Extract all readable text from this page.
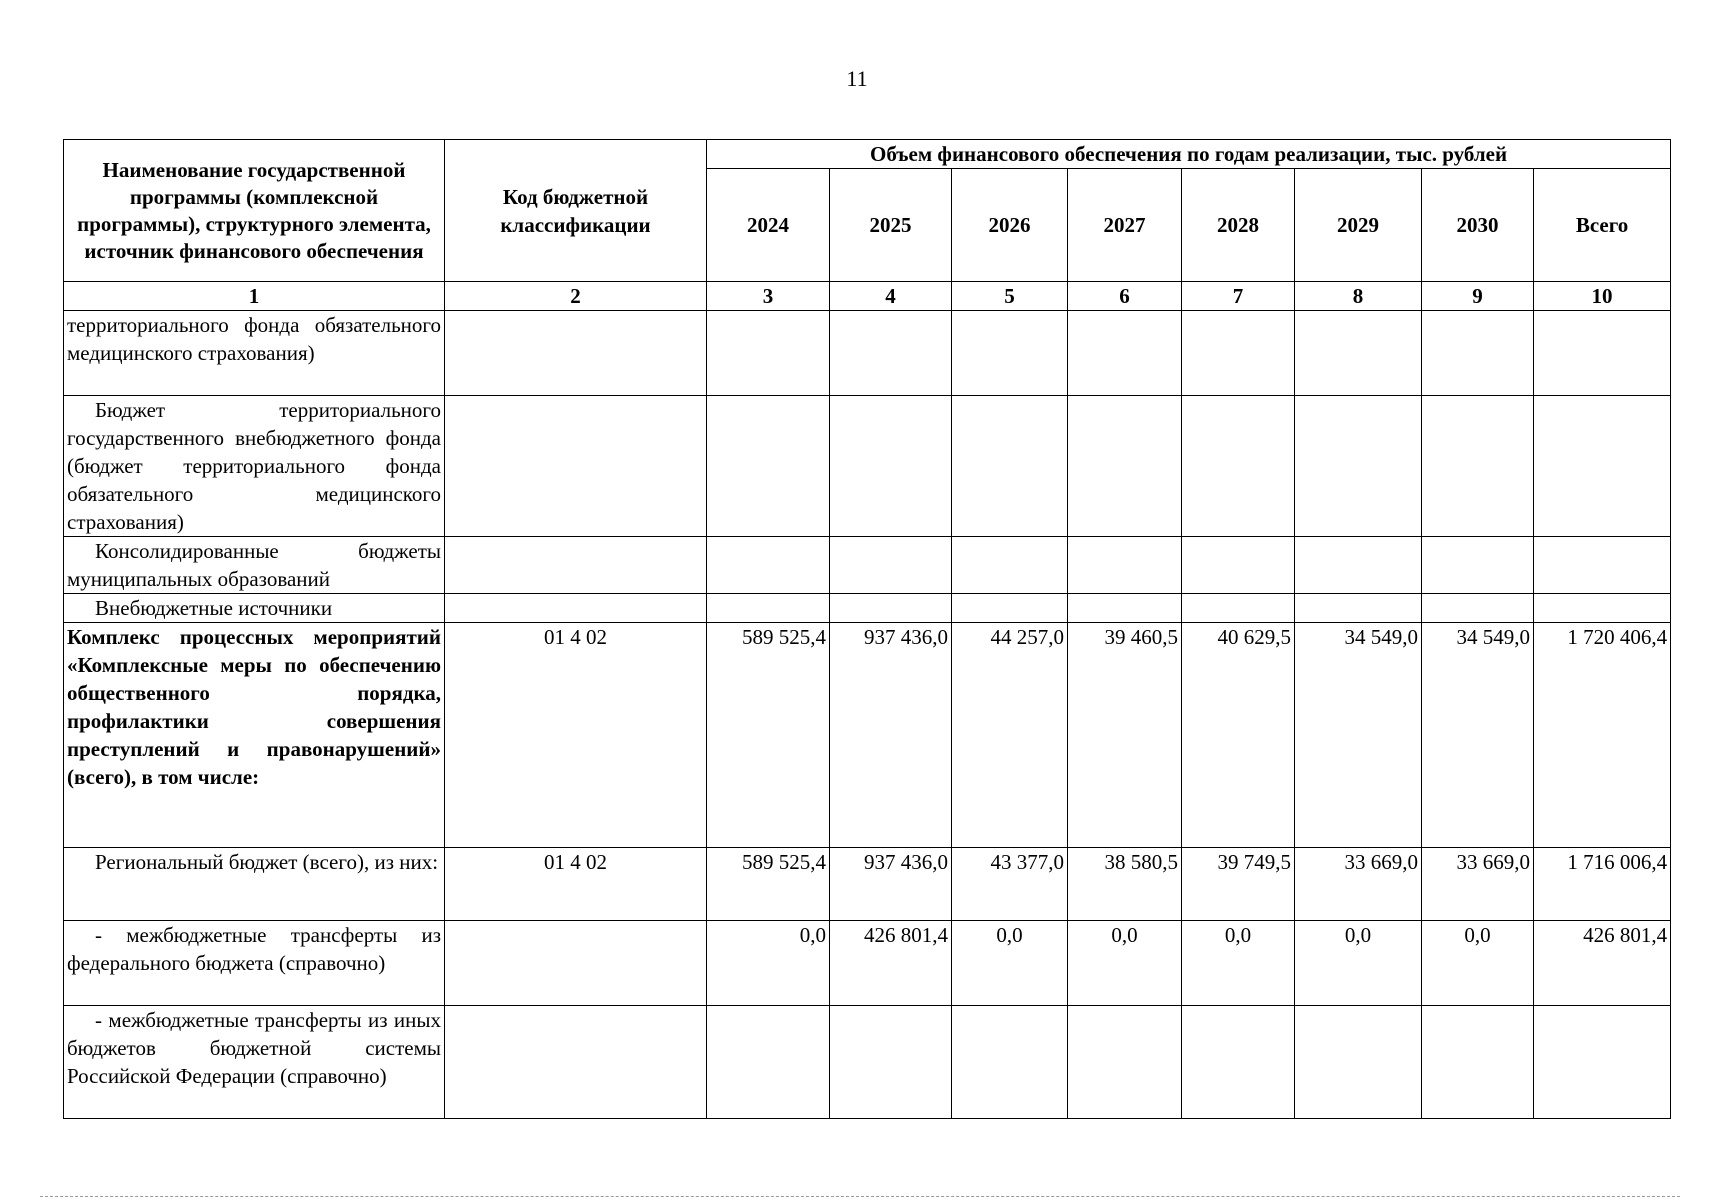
11
Наименование государственной программы (комплексной программы), структурного элемента, источник финансового обеспечения	Код бюджетной классификации	Объем финансового обеспечения по годам реализации, тыс. рублей							
		2024	2025	2026	2027	2028	2029	2030	Всего
1	2	3	4	5	6	7	8	9	10
территориального фонда обязательного медицинского страхования)									
Бюджет территориального государственного внебюджетного фонда (бюджет территориального фонда обязательного медицинского страхования)									
Консолидированные бюджеты муниципальных образований									
Внебюджетные источники									
Комплекс процессных мероприятий «Комплексные меры по обеспечению общественного порядка, профилактики совершения преступлений и правонарушений» (всего), в том числе:	01 4 02	589 525,4	937 436,0	44 257,0	39 460,5	40 629,5	34 549,0	34 549,0	1 720 406,4
Региональный бюджет (всего), из них:	01 4 02	589 525,4	937 436,0	43 377,0	38 580,5	39 749,5	33 669,0	33 669,0	1 716 006,4
- межбюджетные трансферты из федерального бюджета (справочно)		0,0	426 801,4	0,0	0,0	0,0	0,0	0,0	426 801,4
- межбюджетные трансферты из иных бюджетов бюджетной системы Российской Федерации (справочно)									
